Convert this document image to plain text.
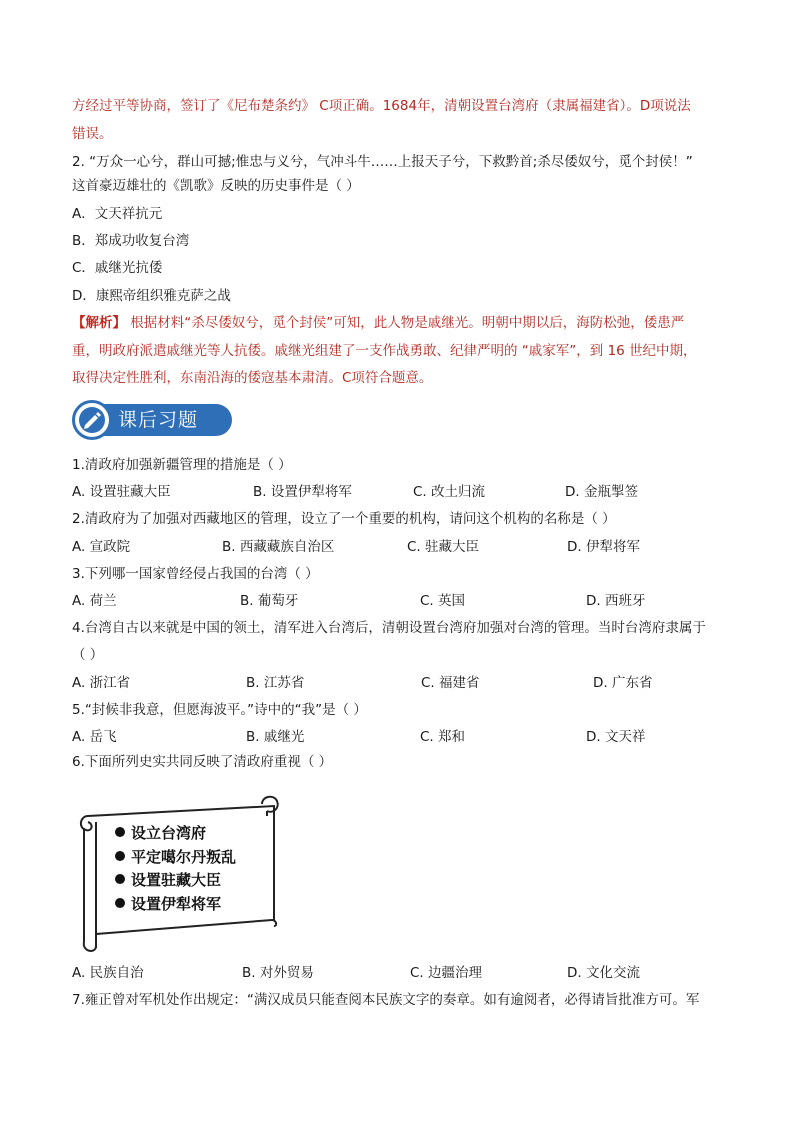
方经过平等协商，签订了《尼布楚条约》 C项正确。1684年，清朝设置台湾府（隶属福建省）。D项说法
错误。
2. “万众一心兮，群山可撼;惟忠与义兮，气冲斗牛……上报天子兮，下救黔首;杀尽倭奴兮，觅个封侯！”
这首豪迈雄壮的《凯歌》反映的历史事件是（ ）
A．文天祥抗元
B．郑成功收复台湾
C．戚继光抗倭
D．康熙帝组织雅克萨之战
【解析】 根据材料“杀尽倭奴兮，觅个封侯”可知，此人物是戚继光。明朝中期以后，海防松弛，倭患严
重，明政府派遣戚继光等人抗倭。戚继光组建了一支作战勇敢、纪律严明的 “戚家军”，到 16 世纪中期，
取得决定性胜利，东南沿海的倭寇基本肃清。C项符合题意。
课后习题
1.清政府加强新疆管理的措施是（ ）
A. 设置驻藏大臣	B. 设置伊犁将军	C. 改土归流	D. 金瓶掣签
2.清政府为了加强对西藏地区的管理，设立了一个重要的机构，请问这个机构的名称是（ ）
A. 宣政院	B. 西藏藏族自治区	C. 驻藏大臣	D. 伊犁将军
3.下列哪一国家曾经侵占我国的台湾（ ）
A. 荷兰	B. 葡萄牙	C. 英国	D. 西班牙
4.台湾自古以来就是中国的领土，清军进入台湾后，清朝设置台湾府加强对台湾的管理。当时台湾府隶属于
（ ）
A. 浙江省	B. 江苏省	C. 福建省	D. 广东省
5.“封候非我意，但愿海波平。”诗中的“我”是（ ）
A. 岳飞	B. 戚继光	C. 郑和	D. 文天祥
6.下面所列史实共同反映了清政府重视（ ）
设立台湾府
平定噶尔丹叛乱
设置驻藏大臣
设置伊犁将军
A. 民族自治	B. 对外贸易	C. 边疆治理	D. 文化交流
7.雍正曾对军机处作出规定：“满汉成员只能查阅本民族文字的奏章。如有逾阅者，必得请旨批准方可。军
